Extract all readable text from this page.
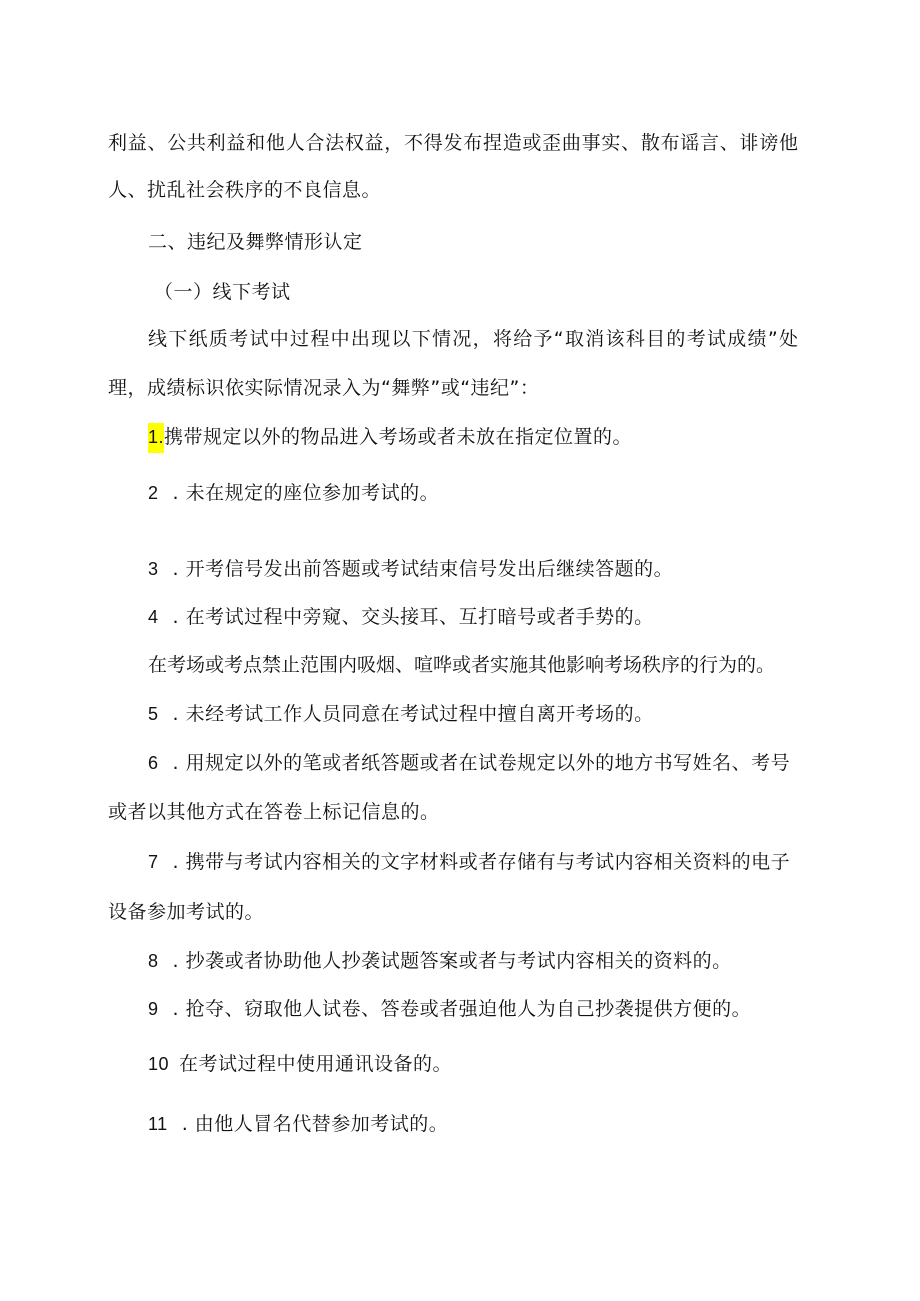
利益、公共利益和他人合法权益，不得发布捏造或歪曲事实、散布谣言、诽谤他
人、扰乱社会秩序的不良信息。
二、违纪及舞弊情形认定
（一）线下考试
线下纸质考试中过程中出现以下情况，将给予“取消该科目的考试成绩”处
理，成绩标识依实际情况录入为“舞弊”或“违纪”：
1.携带规定以外的物品进入考场或者未放在指定位置的。
2 . 未在规定的座位参加考试的。
3 . 开考信号发出前答题或考试结束信号发出后继续答题的。
4 . 在考试过程中旁窥、交头接耳、互打暗号或者手势的。
在考场或考点禁止范围内吸烟、喧哗或者实施其他影响考场秩序的行为的。
5 . 未经考试工作人员同意在考试过程中擅自离开考场的。
6 . 用规定以外的笔或者纸答题或者在试卷规定以外的地方书写姓名、考号
或者以其他方式在答卷上标记信息的。
7 . 携带与考试内容相关的文字材料或者存储有与考试内容相关资料的电子
设备参加考试的。
8 . 抄袭或者协助他人抄袭试题答案或者与考试内容相关的资料的。
9 . 抢夺、窃取他人试卷、答卷或者强迫他人为自己抄袭提供方便的。
10 在考试过程中使用通讯设备的。
11 . 由他人冒名代替参加考试的。
